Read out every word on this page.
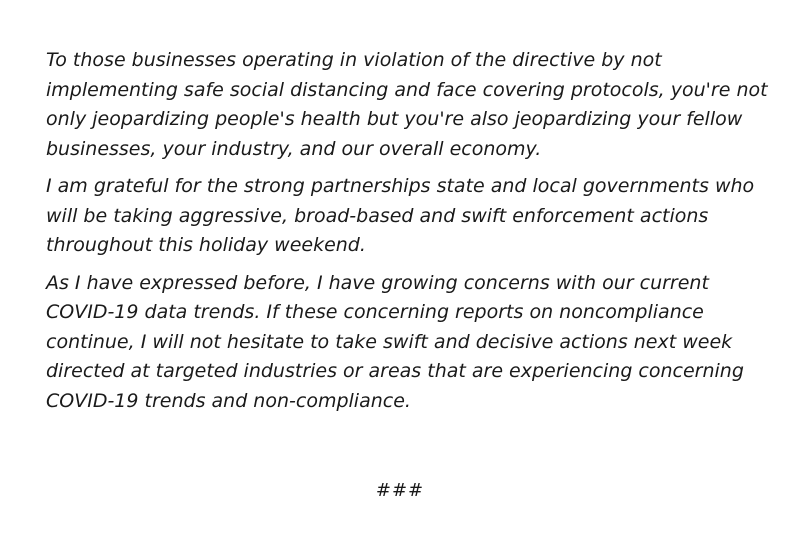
To those businesses operating in violation of the directive by not implementing safe social distancing and face covering protocols, you're not only jeopardizing people's health but you're also jeopardizing your fellow businesses, your industry, and our overall economy.

I am grateful for the strong partnerships state and local governments who will be taking aggressive, broad-based and swift enforcement actions throughout this holiday weekend.

As I have expressed before, I have growing concerns with our current COVID-19 data trends. If these concerning reports on noncompliance continue, I will not hesitate to take swift and decisive actions next week directed at targeted industries or areas that are experiencing concerning COVID-19 trends and non-compliance.

###
